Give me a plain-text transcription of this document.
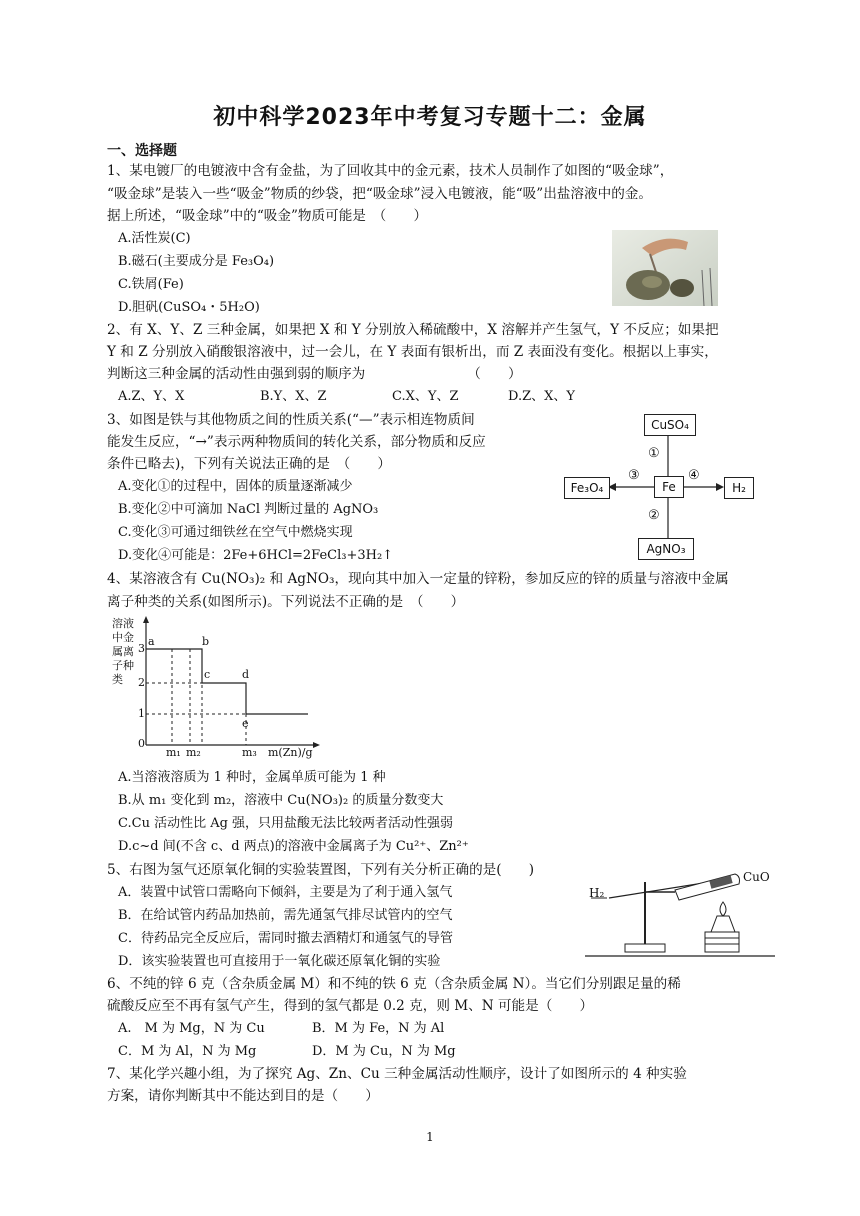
初中科学2023年中考复习专题十二：金属
一、选择题
1、某电镀厂的电镀液中含有金盐，为了回收其中的金元素，技术人员制作了如图的“吸金球”，
“吸金球”是装入一些“吸金”物质的纱袋，把“吸金球”浸入电镀液，能“吸”出盐溶液中的金。
据上所述，“吸金球”中的“吸金”物质可能是　（　　）
A.活性炭(C)
B.磁石(主要成分是 Fe₃O₄)
C.铁屑(Fe)
D.胆矾(CuSO₄・5H₂O)
2、有 X、Y、Z 三种金属，如果把 X 和 Y 分别放入稀硫酸中，X 溶解并产生氢气，Y 不反应；如果把
Y 和 Z 分别放入硝酸银溶液中，过一会儿，在 Y 表面有银析出，而 Z 表面没有变化。根据以上事实，
判断这三种金属的活动性由强到弱的顺序为　　　　　　　　（　　）
A.Z、Y、X	B.Y、X、Z	C.X、Y、Z	D.Z、X、Y
3、如图是铁与其他物质之间的性质关系(“—”表示相连物质间
能发生反应，“→”表示两种物质间的转化关系，部分物质和反应
条件已略去)，下列有关说法正确的是　（　　）
A.变化①的过程中，固体的质量逐渐减少
B.变化②中可滴加 NaCl 判断过量的 AgNO₃
C.变化③可通过细铁丝在空气中燃烧实现
D.变化④可能是：2Fe+6HCl=2FeCl₃+3H₂↑
CuSO₄
Fe
Fe₃O₄	H₂
AgNO₃
①
②
③	④
4、某溶液含有 Cu(NO₃)₂ 和 AgNO₃，现向其中加入一定量的锌粉，参加反应的锌的质量与溶液中金属
离子种类的关系(如图所示)。下列说法不正确的是　（　　）
溶液
中金
属离
子种
类
3
2
1
0
a	b
c	d
e
m₁ m₂	m₃ m(Zn)/g
A.当溶液溶质为 1 种时，金属单质可能为 1 种
B.从 m₁ 变化到 m₂，溶液中 Cu(NO₃)₂ 的质量分数变大
C.Cu 活动性比 Ag 强，只用盐酸无法比较两者活动性强弱
D.c~d 间(不含 c、d 两点)的溶液中金属离子为 Cu²⁺、Zn²⁺
5、右图为氢气还原氧化铜的实验装置图，下列有关分析正确的是(　　)
A．装置中试管口需略向下倾斜，主要是为了利于通入氢气
B．在给试管内药品加热前，需先通氢气排尽试管内的空气
C．待药品完全反应后，需同时撤去酒精灯和通氢气的导管
D．该实验装置也可直接用于一氧化碳还原氧化铜的实验
H₂
CuO
6、不纯的锌 6 克（含杂质金属 M）和不纯的铁 6 克（含杂质金属 N）。当它们分别跟足量的稀
硫酸反应至不再有氢气产生，得到的氢气都是 0.2 克，则 M、N 可能是（　　）
A.　M 为 Mg，N 为 Cu	B．M 为 Fe，N 为 Al
C．M 为 Al，N 为 Mg	D．M 为 Cu，N 为 Mg
7、某化学兴趣小组，为了探究 Ag、Zn、Cu 三种金属活动性顺序，设计了如图所示的 4 种实验
方案，请你判断其中不能达到目的是（　　）
1
